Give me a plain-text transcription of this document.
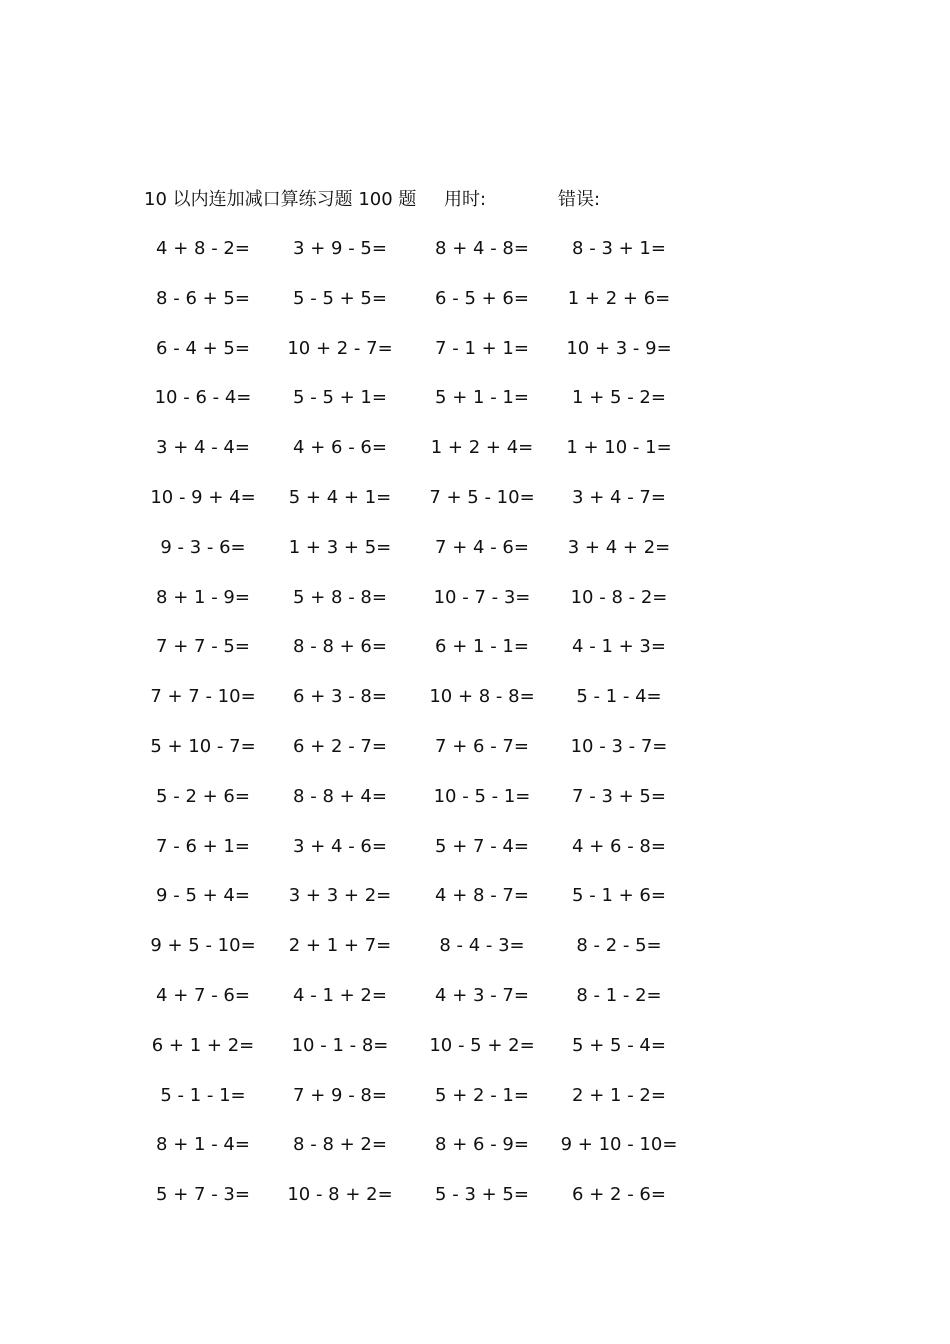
10 以内连加减口算练习题 100 题 用时:	错误:
4 + 8 - 2=	3 + 9 - 5=	8 + 4 - 8=	8 - 3 + 1=
8 - 6 + 5=	5 - 5 + 5=	6 - 5 + 6=	1 + 2 + 6=
6 - 4 + 5=	10 + 2 - 7=	7 - 1 + 1=	10 + 3 - 9=
10 - 6 - 4=	5 - 5 + 1=	5 + 1 - 1=	1 + 5 - 2=
3 + 4 - 4=	4 + 6 - 6=	1 + 2 + 4=	1 + 10 - 1=
10 - 9 + 4=	5 + 4 + 1=	7 + 5 - 10=	3 + 4 - 7=
9 - 3 - 6=	1 + 3 + 5=	7 + 4 - 6=	3 + 4 + 2=
8 + 1 - 9=	5 + 8 - 8=	10 - 7 - 3=	10 - 8 - 2=
7 + 7 - 5=	8 - 8 + 6=	6 + 1 - 1=	4 - 1 + 3=
7 + 7 - 10=	6 + 3 - 8=	10 + 8 - 8=	5 - 1 - 4=
5 + 10 - 7=	6 + 2 - 7=	7 + 6 - 7=	10 - 3 - 7=
5 - 2 + 6=	8 - 8 + 4=	10 - 5 - 1=	7 - 3 + 5=
7 - 6 + 1=	3 + 4 - 6=	5 + 7 - 4=	4 + 6 - 8=
9 - 5 + 4=	3 + 3 + 2=	4 + 8 - 7=	5 - 1 + 6=
9 + 5 - 10=	2 + 1 + 7=	8 - 4 - 3=	8 - 2 - 5=
4 + 7 - 6=	4 - 1 + 2=	4 + 3 - 7=	8 - 1 - 2=
6 + 1 + 2=	10 - 1 - 8=	10 - 5 + 2=	5 + 5 - 4=
5 - 1 - 1=	7 + 9 - 8=	5 + 2 - 1=	2 + 1 - 2=
8 + 1 - 4=	8 - 8 + 2=	8 + 6 - 9=	9 + 10 - 10=
5 + 7 - 3=	10 - 8 + 2=	5 - 3 + 5=	6 + 2 - 6=
